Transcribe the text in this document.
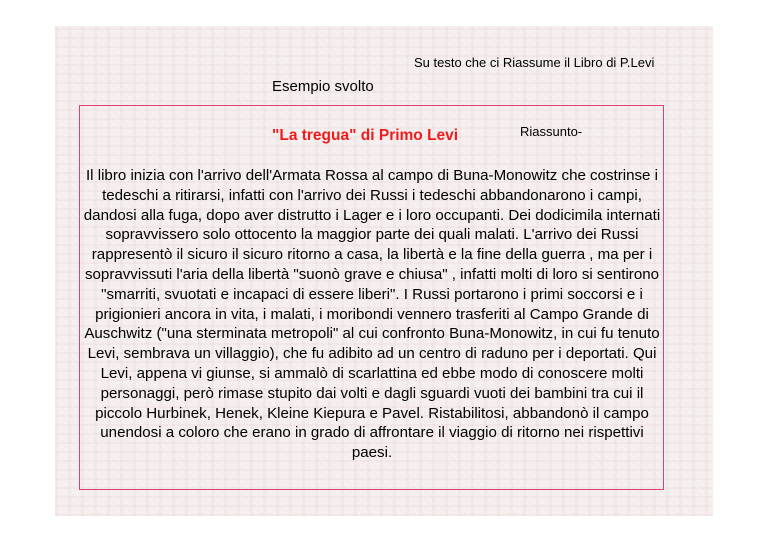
Su testo che ci Riassume il Libro di P.Levi
Esempio svolto
"La tregua" di Primo Levi	Riassunto-

Il libro inizia con l'arrivo dell'Armata Rossa al campo di Buna-Monowitz che costrinse i tedeschi a ritirarsi, infatti con l'arrivo dei Russi i tedeschi abbandonarono i campi, dandosi alla fuga, dopo aver distrutto i Lager e i loro occupanti. Dei dodicimila internati sopravvissero solo ottocento la maggior parte dei quali malati. L'arrivo dei Russi rappresentò il sicuro il sicuro ritorno a casa, la libertà e la fine della guerra , ma per i sopravvissuti l'aria della libertà "suonò grave e chiusa" , infatti molti di loro si sentirono "smarriti, svuotati e incapaci di essere liberi". I Russi portarono i primi soccorsi e i prigionieri ancora in vita, i malati, i moribondi vennero trasferiti al Campo Grande di Auschwitz ("una sterminata metropoli" al cui confronto Buna-Monowitz, in cui fu tenuto Levi, sembrava un villaggio), che fu adibito ad un centro di raduno per i deportati. Qui Levi, appena vi giunse, si ammalò di scarlattina ed ebbe modo di conoscere molti personaggi, però rimase stupito dai volti e dagli sguardi vuoti dei bambini tra cui il piccolo Hurbinek, Henek, Kleine Kiepura e Pavel. Ristabilitosi, abbandonò il campo unendosi a coloro che erano in grado di affrontare il viaggio di ritorno nei rispettivi paesi.
